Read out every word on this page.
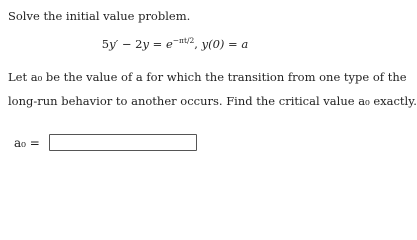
Solve the initial value problem.
$5y' - 2y = e^{-\pi t/2}$, y(0) = a
Let a₀ be the value of a for which the transition from one type of the
long-run behavior to another occurs. Find the critical value a₀ exactly.
a₀ =
